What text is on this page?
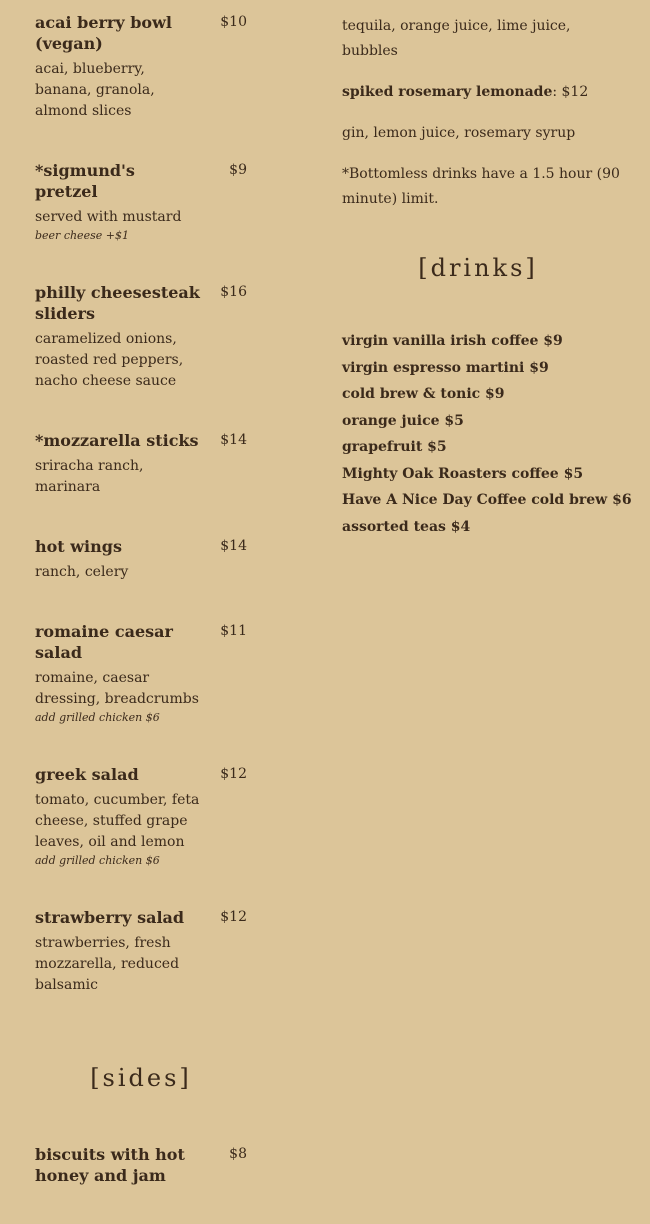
acai berry bowl (vegan)
$10
acai, blueberry, banana, granola, almond slices
*sigmund's pretzel
$9
served with mustard
beer cheese +$1
philly cheesesteak sliders
$16
caramelized onions, roasted red peppers, nacho cheese sauce
*mozzarella sticks $14
sriracha ranch, marinara
hot wings	$14
ranch, celery
romaine caesar salad
$11
romaine, caesar dressing, breadcrumbs
add grilled chicken $6
greek salad	$12
tomato, cucumber, feta cheese, stuffed grape leaves, oil and lemon
add grilled chicken $6
strawberry salad	$12
strawberries, fresh mozzarella, reduced balsamic
[sides]
biscuits with hot honey and jam
$8
tequila, orange juice, lime juice, bubbles
spiked rosemary lemonade: $12
gin, lemon juice, rosemary syrup
*Bottomless drinks have a 1.5 hour (90 minute) limit.
[drinks]
virgin vanilla irish coffee $9
virgin espresso martini $9
cold brew & tonic $9
orange juice $5
grapefruit $5
Mighty Oak Roasters coffee $5
Have A Nice Day Coffee cold brew $6
assorted teas $4
